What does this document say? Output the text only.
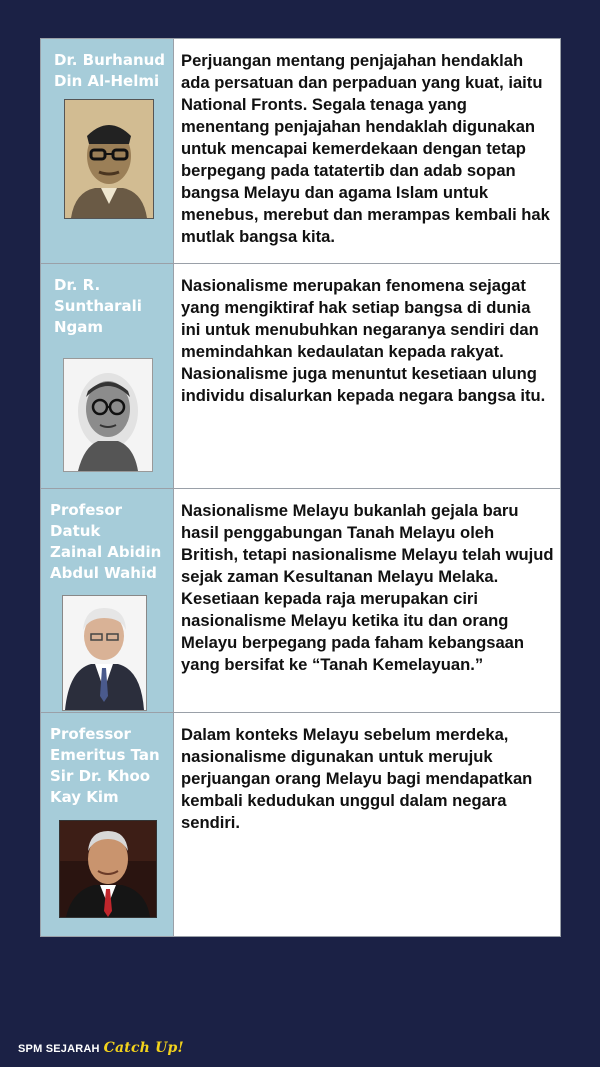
Dr. Burhanud
Din Al-Helmi
Perjuangan mentang penjajahan hendaklah ada persatuan dan perpaduan yang kuat, iaitu National Fronts. Segala tenaga yang menentang penjajahan hendaklah digunakan untuk mencapai kemerdekaan dengan tetap berpegang pada tatatertib dan adab sopan bangsa Melayu dan agama Islam untuk menebus, merebut dan merampas kembali hak mutlak bangsa kita.
Dr. R.
Suntharali
Ngam
Nasionalisme merupakan fenomena sejagat yang mengiktiraf hak setiap bangsa di dunia ini untuk menubuhkan negaranya sendiri dan memindahkan kedaulatan kepada rakyat. Nasionalisme juga menuntut kesetiaan ulung individu disalurkan kepada negara bangsa itu.
Profesor Datuk
Zainal Abidin
Abdul Wahid
Nasionalisme Melayu bukanlah gejala baru hasil penggabungan Tanah Melayu oleh British, tetapi nasionalisme Melayu telah wujud sejak zaman Kesultanan Melayu Melaka. Kesetiaan kepada raja merupakan ciri nasionalisme Melayu ketika itu dan orang Melayu berpegang pada faham kebangsaan yang bersifat ke “Tanah Kemelayuan.”
Professor
Emeritus Tan
Sir Dr. Khoo
Kay Kim
Dalam konteks Melayu sebelum merdeka, nasionalisme digunakan untuk merujuk perjuangan orang Melayu bagi mendapatkan kembali kedudukan unggul dalam negara sendiri.
SPM SEJARAH Catch Up!
